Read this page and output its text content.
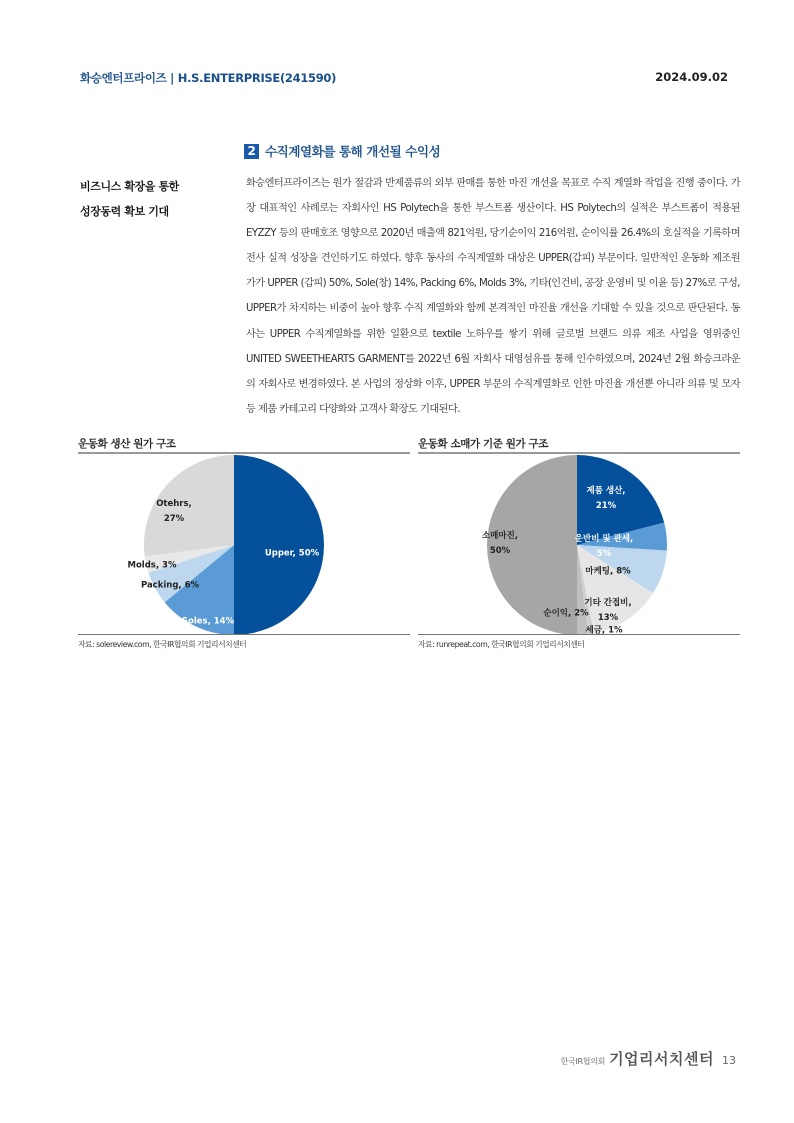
화승엔터프라이즈 | H.S.ENTERPRISE(241590)	2024.09.02
2 수직계열화를 통해 개선될 수익성
비즈니스 확장을 통한
성장동력 확보 기대

화승엔터프라이즈는 원가 절감과 반제품류의 외부 판매를 통한 마진 개선을 목표로 수직 계열화 작업을 진행 중이다. 가장 대표적인 사례로는 자회사인 HS Polytech을 통한 부스트폼 생산이다. HS Polytech의 실적은 부스트폼이 적용된 EYZZY 등의 판매호조 영향으로 2020년 매출액 821억원, 당기순이익 216억원, 순이익률 26.4%의 호실적을 기록하며 전사 실적 성장을 견인하기도 하였다. 향후 동사의 수직계열화 대상은 UPPER(갑피) 부문이다. 일반적인 운동화 제조원가가 UPPER (갑피) 50%, Sole(창) 14%, Packing 6%, Molds 3%, 기타(인건비, 공장 운영비 및 이윤 등) 27%로 구성, UPPER가 차지하는 비중이 높아 향후 수직 계열화와 함께 본격적인 마진율 개선을 기대할 수 있을 것으로 판단된다. 동사는 UPPER 수직계열화를 위한 일환으로 textile 노하우를 쌓기 위해 글로벌 브랜드 의류 제조 사업을 영위중인 UNITED SWEETHEARTS GARMENT를 2022년 6월 자회사 대영섬유를 통해 인수하였으며, 2024년 2월 화승크라운의 자회사로 변경하였다. 본 사업의 정상화 이후, UPPER 부문의 수직계열화로 인한 마진율 개선뿐 아니라 의류 및 모자 등 제품 카테고리 다양화와 고객사 확장도 기대된다.

운동화 생산 원가 구조
Upper, 50%
Soles, 14%
Packing, 6%
Molds, 3%
Otehrs,
27%
자료: solereview.com, 한국IR협의회 기업리서치센터
운동화 소매가 기준 원가 구조
제품 생산,
21%
운반비 및 관세,
5%
마케팅, 8%
기타 간접비,
13%
세금, 1%
순이익, 2%
소매마진,
50%
자료: runrepeat.com, 한국IR협의회 기업리서치센터
한국IR협의회 기업리서치센터 13
